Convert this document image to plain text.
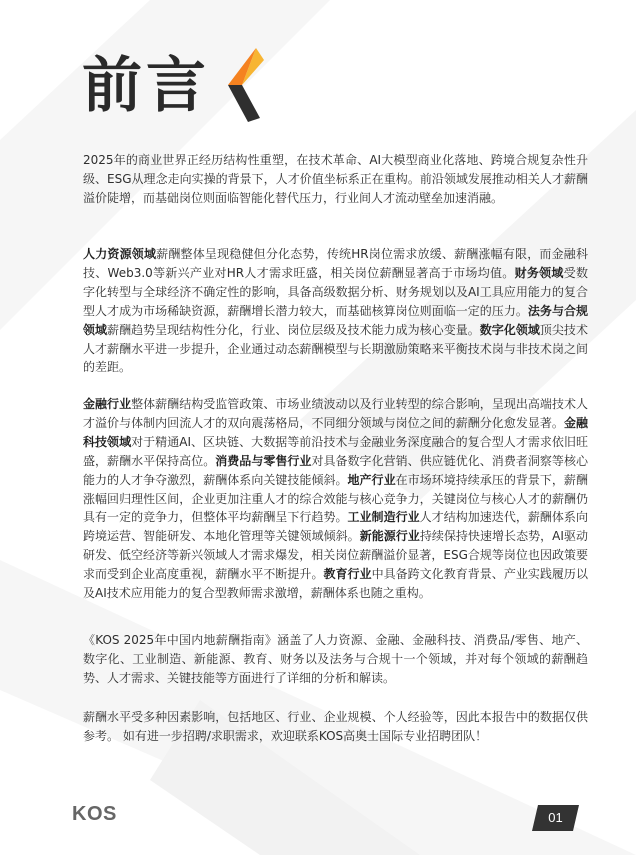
前言

2025年的商业世界正经历结构性重塑，在技术革命、AI大模型商业化落地、跨境合规复杂性升级、ESG从理念走向实操的背景下，人才价值坐标系正在重构。前沿领域发展推动相关人才薪酬溢价陡增，而基础岗位则面临智能化替代压力，行业间人才流动壁垒加速消融。

人力资源领域薪酬整体呈现稳健但分化态势，传统HR岗位需求放缓、薪酬涨幅有限，而金融科技、Web3.0等新兴产业对HR人才需求旺盛，相关岗位薪酬显著高于市场均值。财务领域受数字化转型与全球经济不确定性的影响，具备高级数据分析、财务规划以及AI工具应用能力的复合型人才成为市场稀缺资源，薪酬增长潜力较大，而基础核算岗位则面临一定的压力。法务与合规领域薪酬趋势呈现结构性分化，行业、岗位层级及技术能力成为核心变量。数字化领域顶尖技术人才薪酬水平进一步提升，企业通过动态薪酬模型与长期激励策略来平衡技术岗与非技术岗之间的差距。

金融行业整体薪酬结构受监管政策、市场业绩波动以及行业转型的综合影响，呈现出高端技术人才溢价与体制内回流人才的双向震荡格局，不同细分领域与岗位之间的薪酬分化愈发显著。金融科技领域对于精通AI、区块链、大数据等前沿技术与金融业务深度融合的复合型人才需求依旧旺盛，薪酬水平保持高位。消费品与零售行业对具备数字化营销、供应链优化、消费者洞察等核心能力的人才争夺激烈，薪酬体系向关键技能倾斜。地产行业在市场环境持续承压的背景下，薪酬涨幅回归理性区间，企业更加注重人才的综合效能与核心竞争力，关键岗位与核心人才的薪酬仍具有一定的竞争力，但整体平均薪酬呈下行趋势。工业制造行业人才结构加速迭代，薪酬体系向跨境运营、智能研发、本地化管理等关键领域倾斜。新能源行业持续保持快速增长态势，AI驱动研发、低空经济等新兴领域人才需求爆发，相关岗位薪酬溢价显著，ESG合规等岗位也因政策要求而受到企业高度重视，薪酬水平不断提升。教育行业中具备跨文化教育背景、产业实践履历以及AI技术应用能力的复合型教师需求激增，薪酬体系也随之重构。

《KOS 2025年中国内地薪酬指南》涵盖了人力资源、金融、金融科技、消费品/零售、地产、数字化、工业制造、新能源、教育、财务以及法务与合规十一个领域，并对每个领域的薪酬趋势、人才需求、关键技能等方面进行了详细的分析和解读。

薪酬水平受多种因素影响，包括地区、行业、企业规模、个人经验等，因此本报告中的数据仅供参考。 如有进一步招聘/求职需求，欢迎联系KOS高奥士国际专业招聘团队！

KOS	01
